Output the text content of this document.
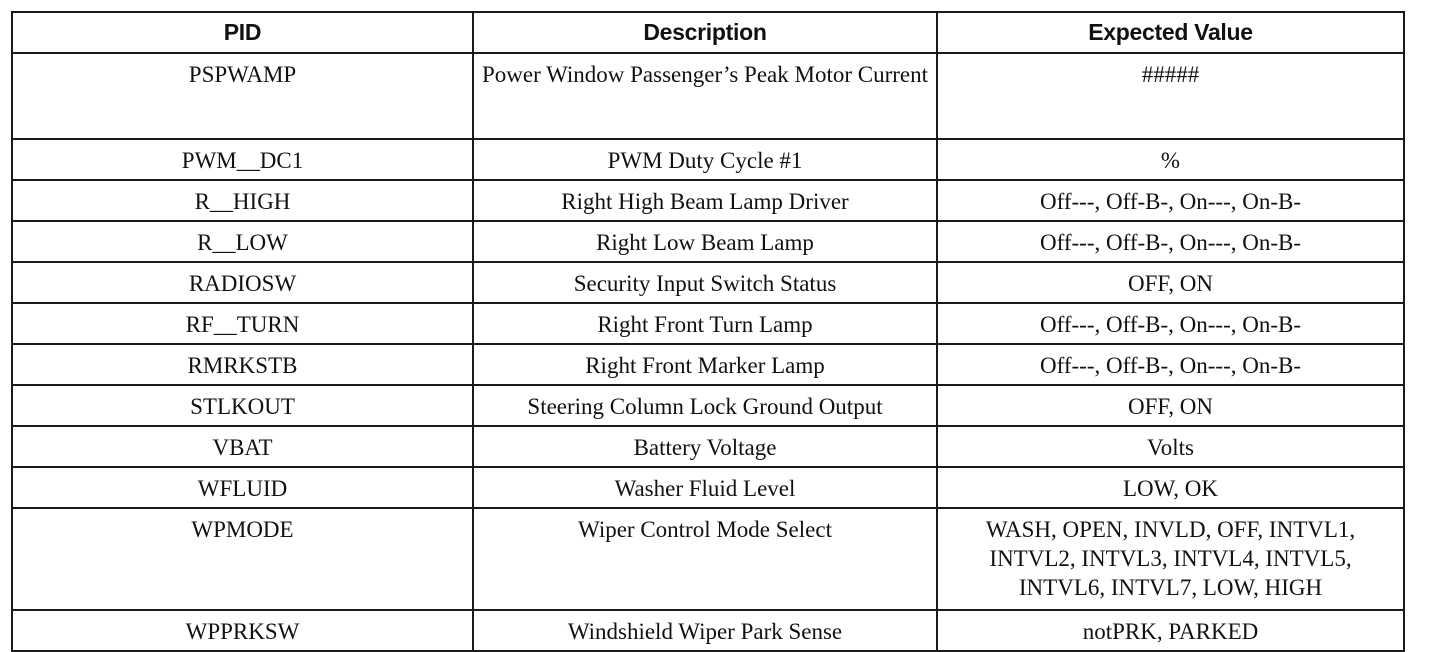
PID	Description	Expected Value
PSPWAMP	Power Window Passenger’s Peak Motor Current	#####
PWM__DC1	PWM Duty Cycle #1	%
R__HIGH	Right High Beam Lamp Driver	Off---, Off-B-, On---, On-B-
R__LOW	Right Low Beam Lamp	Off---, Off-B-, On---, On-B-
RADIOSW	Security Input Switch Status	OFF, ON
RF__TURN	Right Front Turn Lamp	Off---, Off-B-, On---, On-B-
RMRKSTB	Right Front Marker Lamp	Off---, Off-B-, On---, On-B-
STLKOUT	Steering Column Lock Ground Output	OFF, ON
VBAT	Battery Voltage	Volts
WFLUID	Washer Fluid Level	LOW, OK
WPMODE	Wiper Control Mode Select	WASH, OPEN, INVLD, OFF, INTVL1, INTVL2, INTVL3, INTVL4, INTVL5, INTVL6, INTVL7, LOW, HIGH
WPPRKSW	Windshield Wiper Park Sense	notPRK, PARKED
